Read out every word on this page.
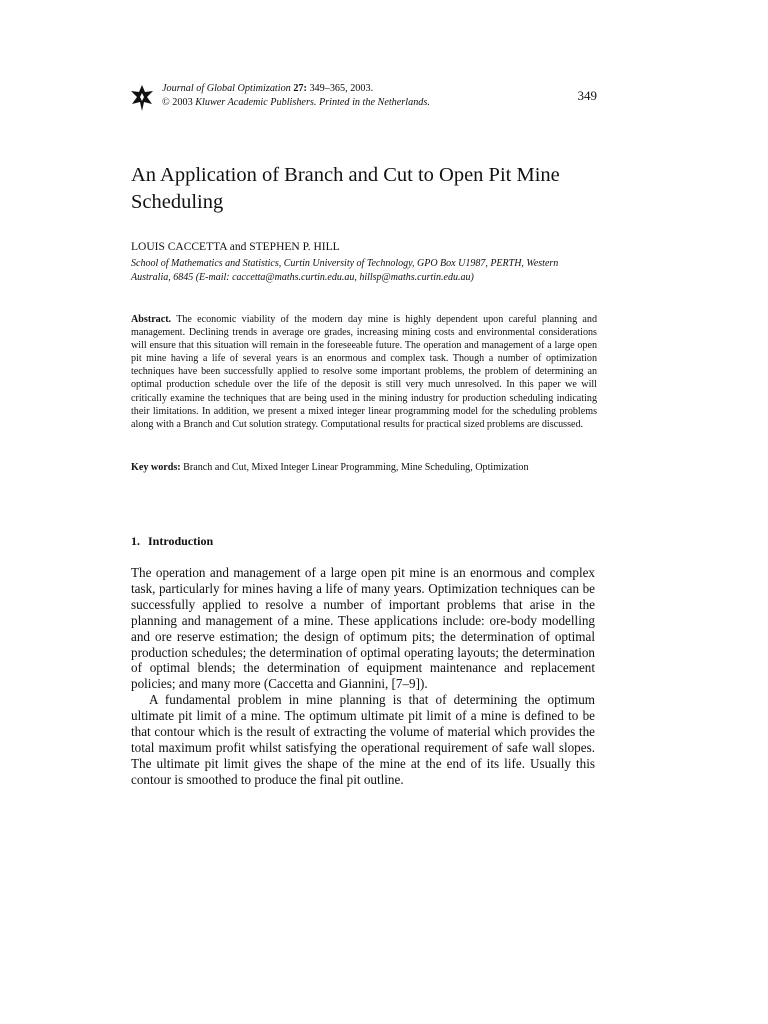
Journal of Global Optimization 27: 349–365, 2003.
© 2003 Kluwer Academic Publishers. Printed in the Netherlands.	349
An Application of Branch and Cut to Open Pit Mine Scheduling
LOUIS CACCETTA and STEPHEN P. HILL
School of Mathematics and Statistics, Curtin University of Technology, GPO Box U1987, PERTH, Western Australia, 6845 (E-mail: caccetta@maths.curtin.edu.au, hillsp@maths.curtin.edu.au)

Abstract. The economic viability of the modern day mine is highly dependent upon careful planning and management. Declining trends in average ore grades, increasing mining costs and environmental considerations will ensure that this situation will remain in the foreseeable future. The operation and management of a large open pit mine having a life of several years is an enormous and complex task. Though a number of optimization techniques have been successfully applied to resolve some important problems, the problem of determining an optimal production schedule over the life of the deposit is still very much unresolved. In this paper we will critically examine the techniques that are being used in the mining industry for production scheduling indicating their limitations. In addition, we present a mixed integer linear programming model for the scheduling problems along with a Branch and Cut solution strategy. Computational results for practical sized problems are discussed.

Key words: Branch and Cut, Mixed Integer Linear Programming, Mine Scheduling, Optimization

1. Introduction

The operation and management of a large open pit mine is an enormous and complex task, particularly for mines having a life of many years. Optimization techniques can be successfully applied to resolve a number of important problems that arise in the planning and management of a mine. These applications include: ore-body modelling and ore reserve estimation; the design of optimum pits; the determination of optimal production schedules; the determination of optimal operating layouts; the determination of optimal blends; the determination of equipment maintenance and replacement policies; and many more (Caccetta and Giannini, [7–9]).

A fundamental problem in mine planning is that of determining the optimum ultimate pit limit of a mine. The optimum ultimate pit limit of a mine is defined to be that contour which is the result of extracting the volume of material which provides the total maximum profit whilst satisfying the operational requirement of safe wall slopes. The ultimate pit limit gives the shape of the mine at the end of its life. Usually this contour is smoothed to produce the final pit outline.
